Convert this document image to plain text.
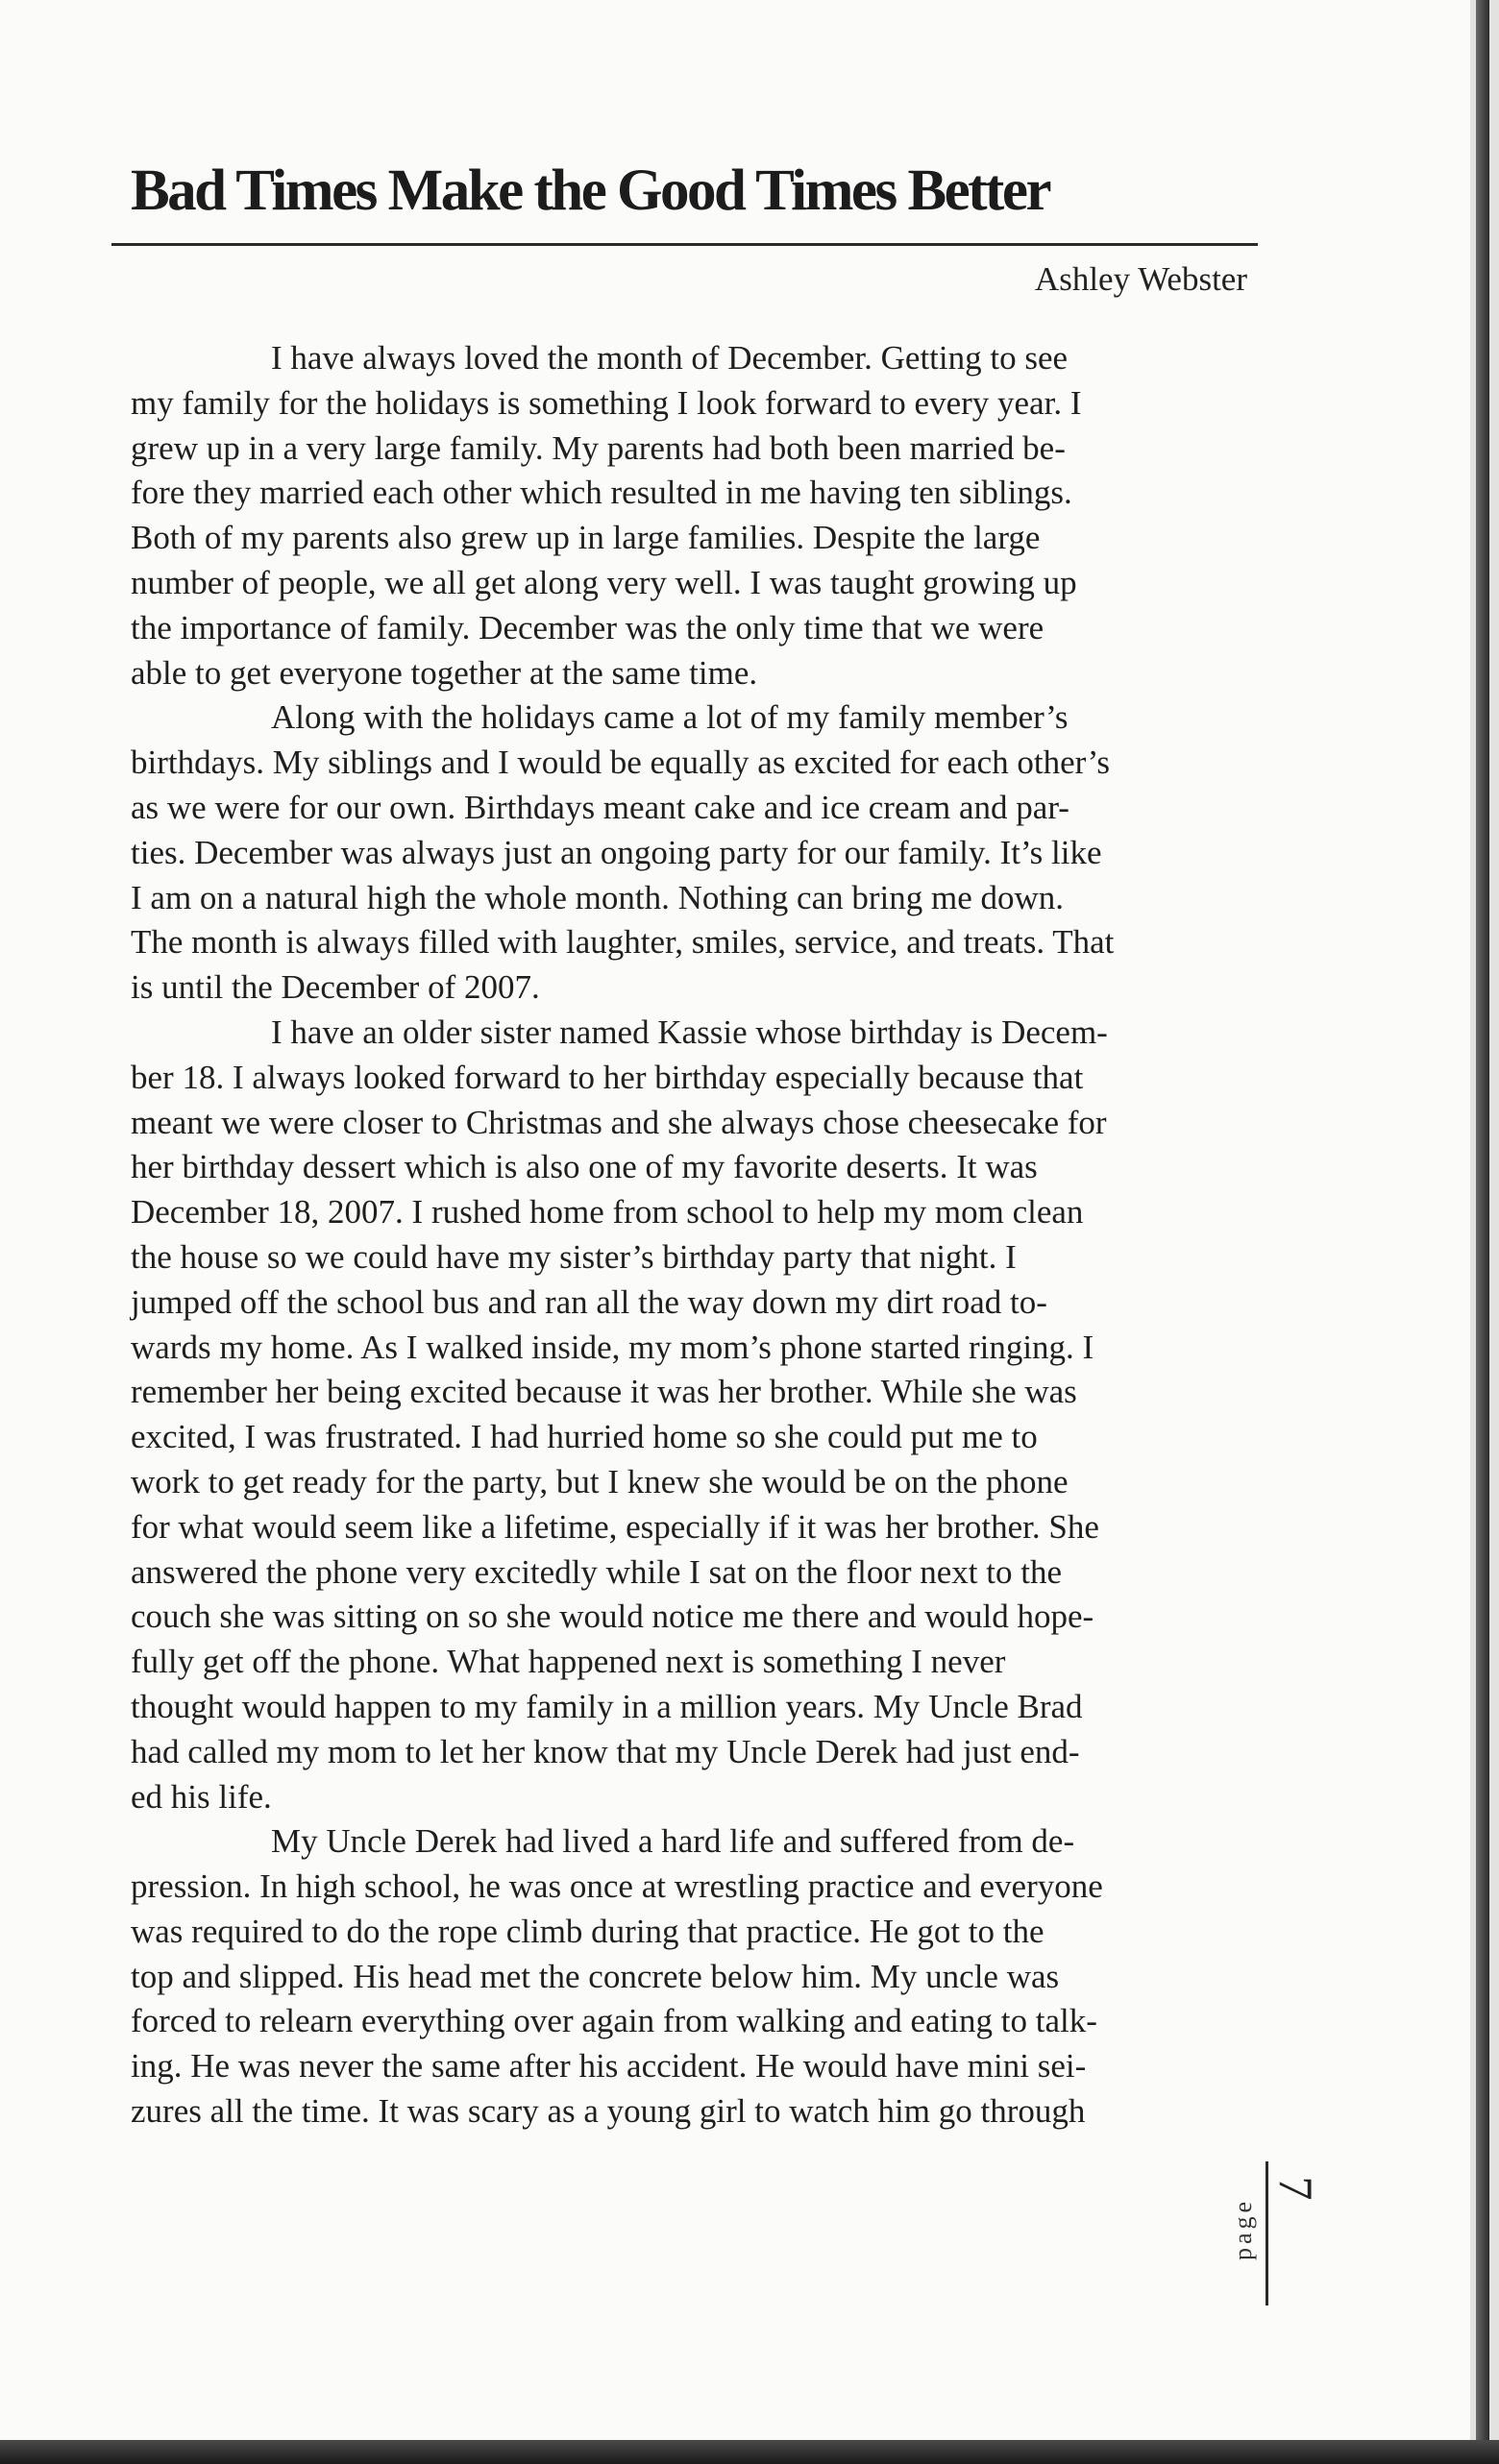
Bad Times Make the Good Times Better
Ashley Webster
I have always loved the month of December. Getting to see
my family for the holidays is something I look forward to every year. I
grew up in a very large family. My parents had both been married be-
fore they married each other which resulted in me having ten siblings.
Both of my parents also grew up in large families. Despite the large
number of people, we all get along very well. I was taught growing up
the importance of family. December was the only time that we were
able to get everyone together at the same time.
Along with the holidays came a lot of my family member’s
birthdays. My siblings and I would be equally as excited for each other’s
as we were for our own. Birthdays meant cake and ice cream and par-
ties. December was always just an ongoing party for our family. It’s like
I am on a natural high the whole month. Nothing can bring me down.
The month is always filled with laughter, smiles, service, and treats. That
is until the December of 2007.
I have an older sister named Kassie whose birthday is Decem-
ber 18. I always looked forward to her birthday especially because that
meant we were closer to Christmas and she always chose cheesecake for
her birthday dessert which is also one of my favorite deserts. It was
December 18, 2007. I rushed home from school to help my mom clean
the house so we could have my sister’s birthday party that night. I
jumped off the school bus and ran all the way down my dirt road to-
wards my home. As I walked inside, my mom’s phone started ringing. I
remember her being excited because it was her brother. While she was
excited, I was frustrated. I had hurried home so she could put me to
work to get ready for the party, but I knew she would be on the phone
for what would seem like a lifetime, especially if it was her brother. She
answered the phone very excitedly while I sat on the floor next to the
couch she was sitting on so she would notice me there and would hope-
fully get off the phone. What happened next is something I never
thought would happen to my family in a million years. My Uncle Brad
had called my mom to let her know that my Uncle Derek had just end-
ed his life.
My Uncle Derek had lived a hard life and suffered from de-
pression. In high school, he was once at wrestling practice and everyone
was required to do the rope climb during that practice. He got to the
top and slipped. His head met the concrete below him. My uncle was
forced to relearn everything over again from walking and eating to talk-
ing. He was never the same after his accident. He would have mini sei-
zures all the time. It was scary as a young girl to watch him go through
page
7
